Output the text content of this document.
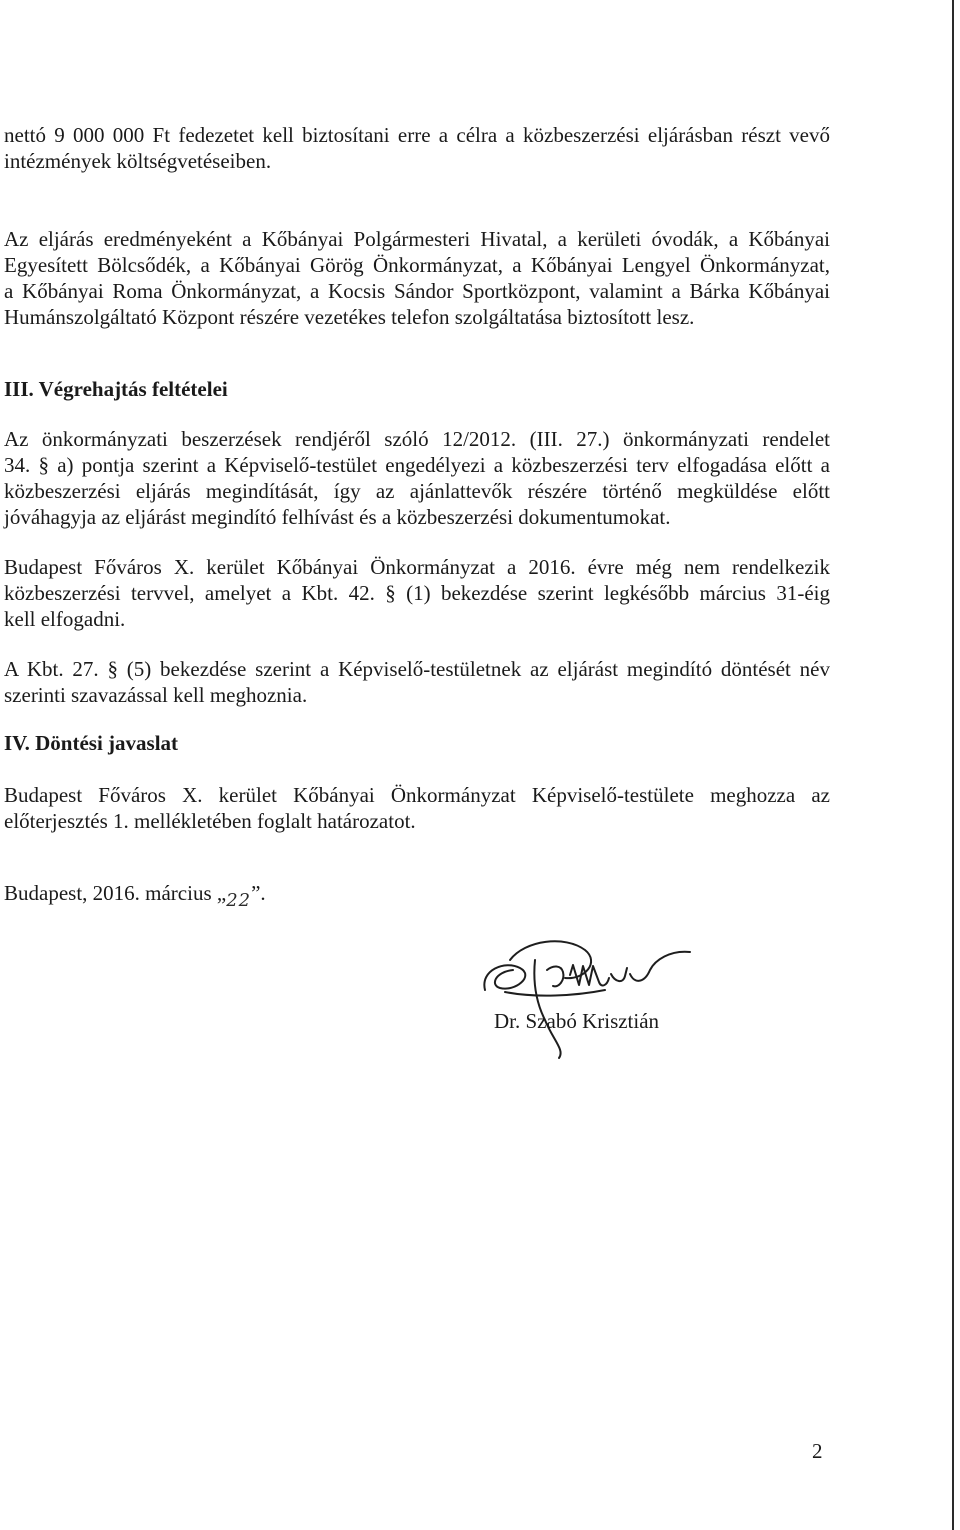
nettó 9 000 000 Ft fedezetet kell biztosítani erre a célra a közbeszerzési eljárásban részt vevő
intézmények költségvetéseiben.
Az eljárás eredményeként a Kőbányai Polgármesteri Hivatal, a kerületi óvodák, a Kőbányai
Egyesített Bölcsődék, a Kőbányai Görög Önkormányzat, a Kőbányai Lengyel Önkormányzat,
a Kőbányai Roma Önkormányzat, a Kocsis Sándor Sportközpont, valamint a Bárka Kőbányai
Humánszolgáltató Központ részére vezetékes telefon szolgáltatása biztosított lesz.
III. Végrehajtás feltételei
Az önkormányzati beszerzések rendjéről szóló 12/2012. (III. 27.) önkormányzati rendelet
34. § a) pontja szerint a Képviselő-testület engedélyezi a közbeszerzési terv elfogadása előtt a
közbeszerzési eljárás megindítását, így az ajánlattevők részére történő megküldése előtt
jóváhagyja az eljárást megindító felhívást és a közbeszerzési dokumentumokat.
Budapest Főváros X. kerület Kőbányai Önkormányzat a 2016. évre még nem rendelkezik
közbeszerzési tervvel, amelyet a Kbt. 42. § (1) bekezdése szerint legkésőbb március 31-éig
kell elfogadni.
A Kbt. 27. § (5) bekezdése szerint a Képviselő-testületnek az eljárást megindító döntését név
szerinti szavazással kell meghoznia.
IV. Döntési javaslat
Budapest Főváros X. kerület Kőbányai Önkormányzat Képviselő-testülete meghozza az
előterjesztés 1. mellékletében foglalt határozatot.
Budapest, 2016. március „22”.
Dr. Szabó Krisztián
2
